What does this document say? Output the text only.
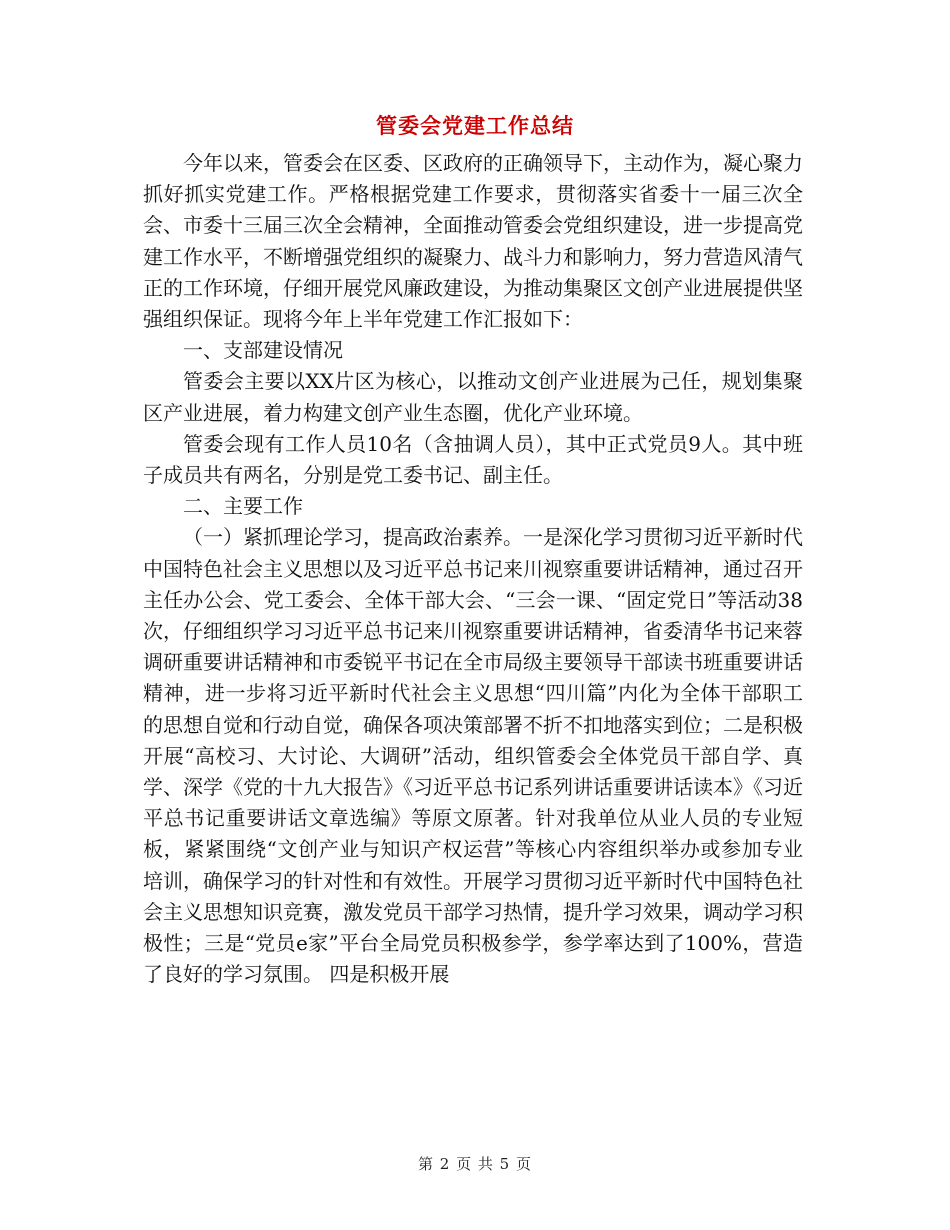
管委会党建工作总结

今年以来，管委会在区委、区政府的正确领导下，主动作为，凝心聚力抓好抓实党建工作。严格根据党建工作要求，贯彻落实省委十一届三次全会、市委十三届三次全会精神，全面推动管委会党组织建设，进一步提高党建工作水平，不断增强党组织的凝聚力、战斗力和影响力，努力营造风清气正的工作环境，仔细开展党风廉政建设，为推动集聚区文创产业进展提供坚强组织保证。现将今年上半年党建工作汇报如下：

一、支部建设情况

管委会主要以XX片区为核心，以推动文创产业进展为己任，规划集聚区产业进展，着力构建文创产业生态圈，优化产业环境。

管委会现有工作人员10名（含抽调人员），其中正式党员9人。其中班子成员共有两名，分别是党工委书记、副主任。

二、主要工作

（一）紧抓理论学习，提高政治素养。一是深化学习贯彻习近平新时代中国特色社会主义思想以及习近平总书记来川视察重要讲话精神，通过召开主任办公会、党工委会、全体干部大会、“三会一课、“固定党日”等活动38次，仔细组织学习习近平总书记来川视察重要讲话精神，省委清华书记来蓉调研重要讲话精神和市委锐平书记在全市局级主要领导干部读书班重要讲话精神，进一步将习近平新时代社会主义思想“四川篇”内化为全体干部职工的思想自觉和行动自觉，确保各项决策部署不折不扣地落实到位；二是积极开展“高校习、大讨论、大调研”活动，组织管委会全体党员干部自学、真学、深学《党的十九大报告》《习近平总书记系列讲话重要讲话读本》《习近平总书记重要讲话文章选编》等原文原著。针对我单位从业人员的专业短板，紧紧围绕“文创产业与知识产权运营”等核心内容组织举办或参加专业培训，确保学习的针对性和有效性。开展学习贯彻习近平新时代中国特色社会主义思想知识竞赛，激发党员干部学习热情，提升学习效果，调动学习积极性；三是“党员e家”平台全局党员积极参学，参学率达到了100%，营造了良好的学习氛围。 四是积极开展

第 2 页 共 5 页
